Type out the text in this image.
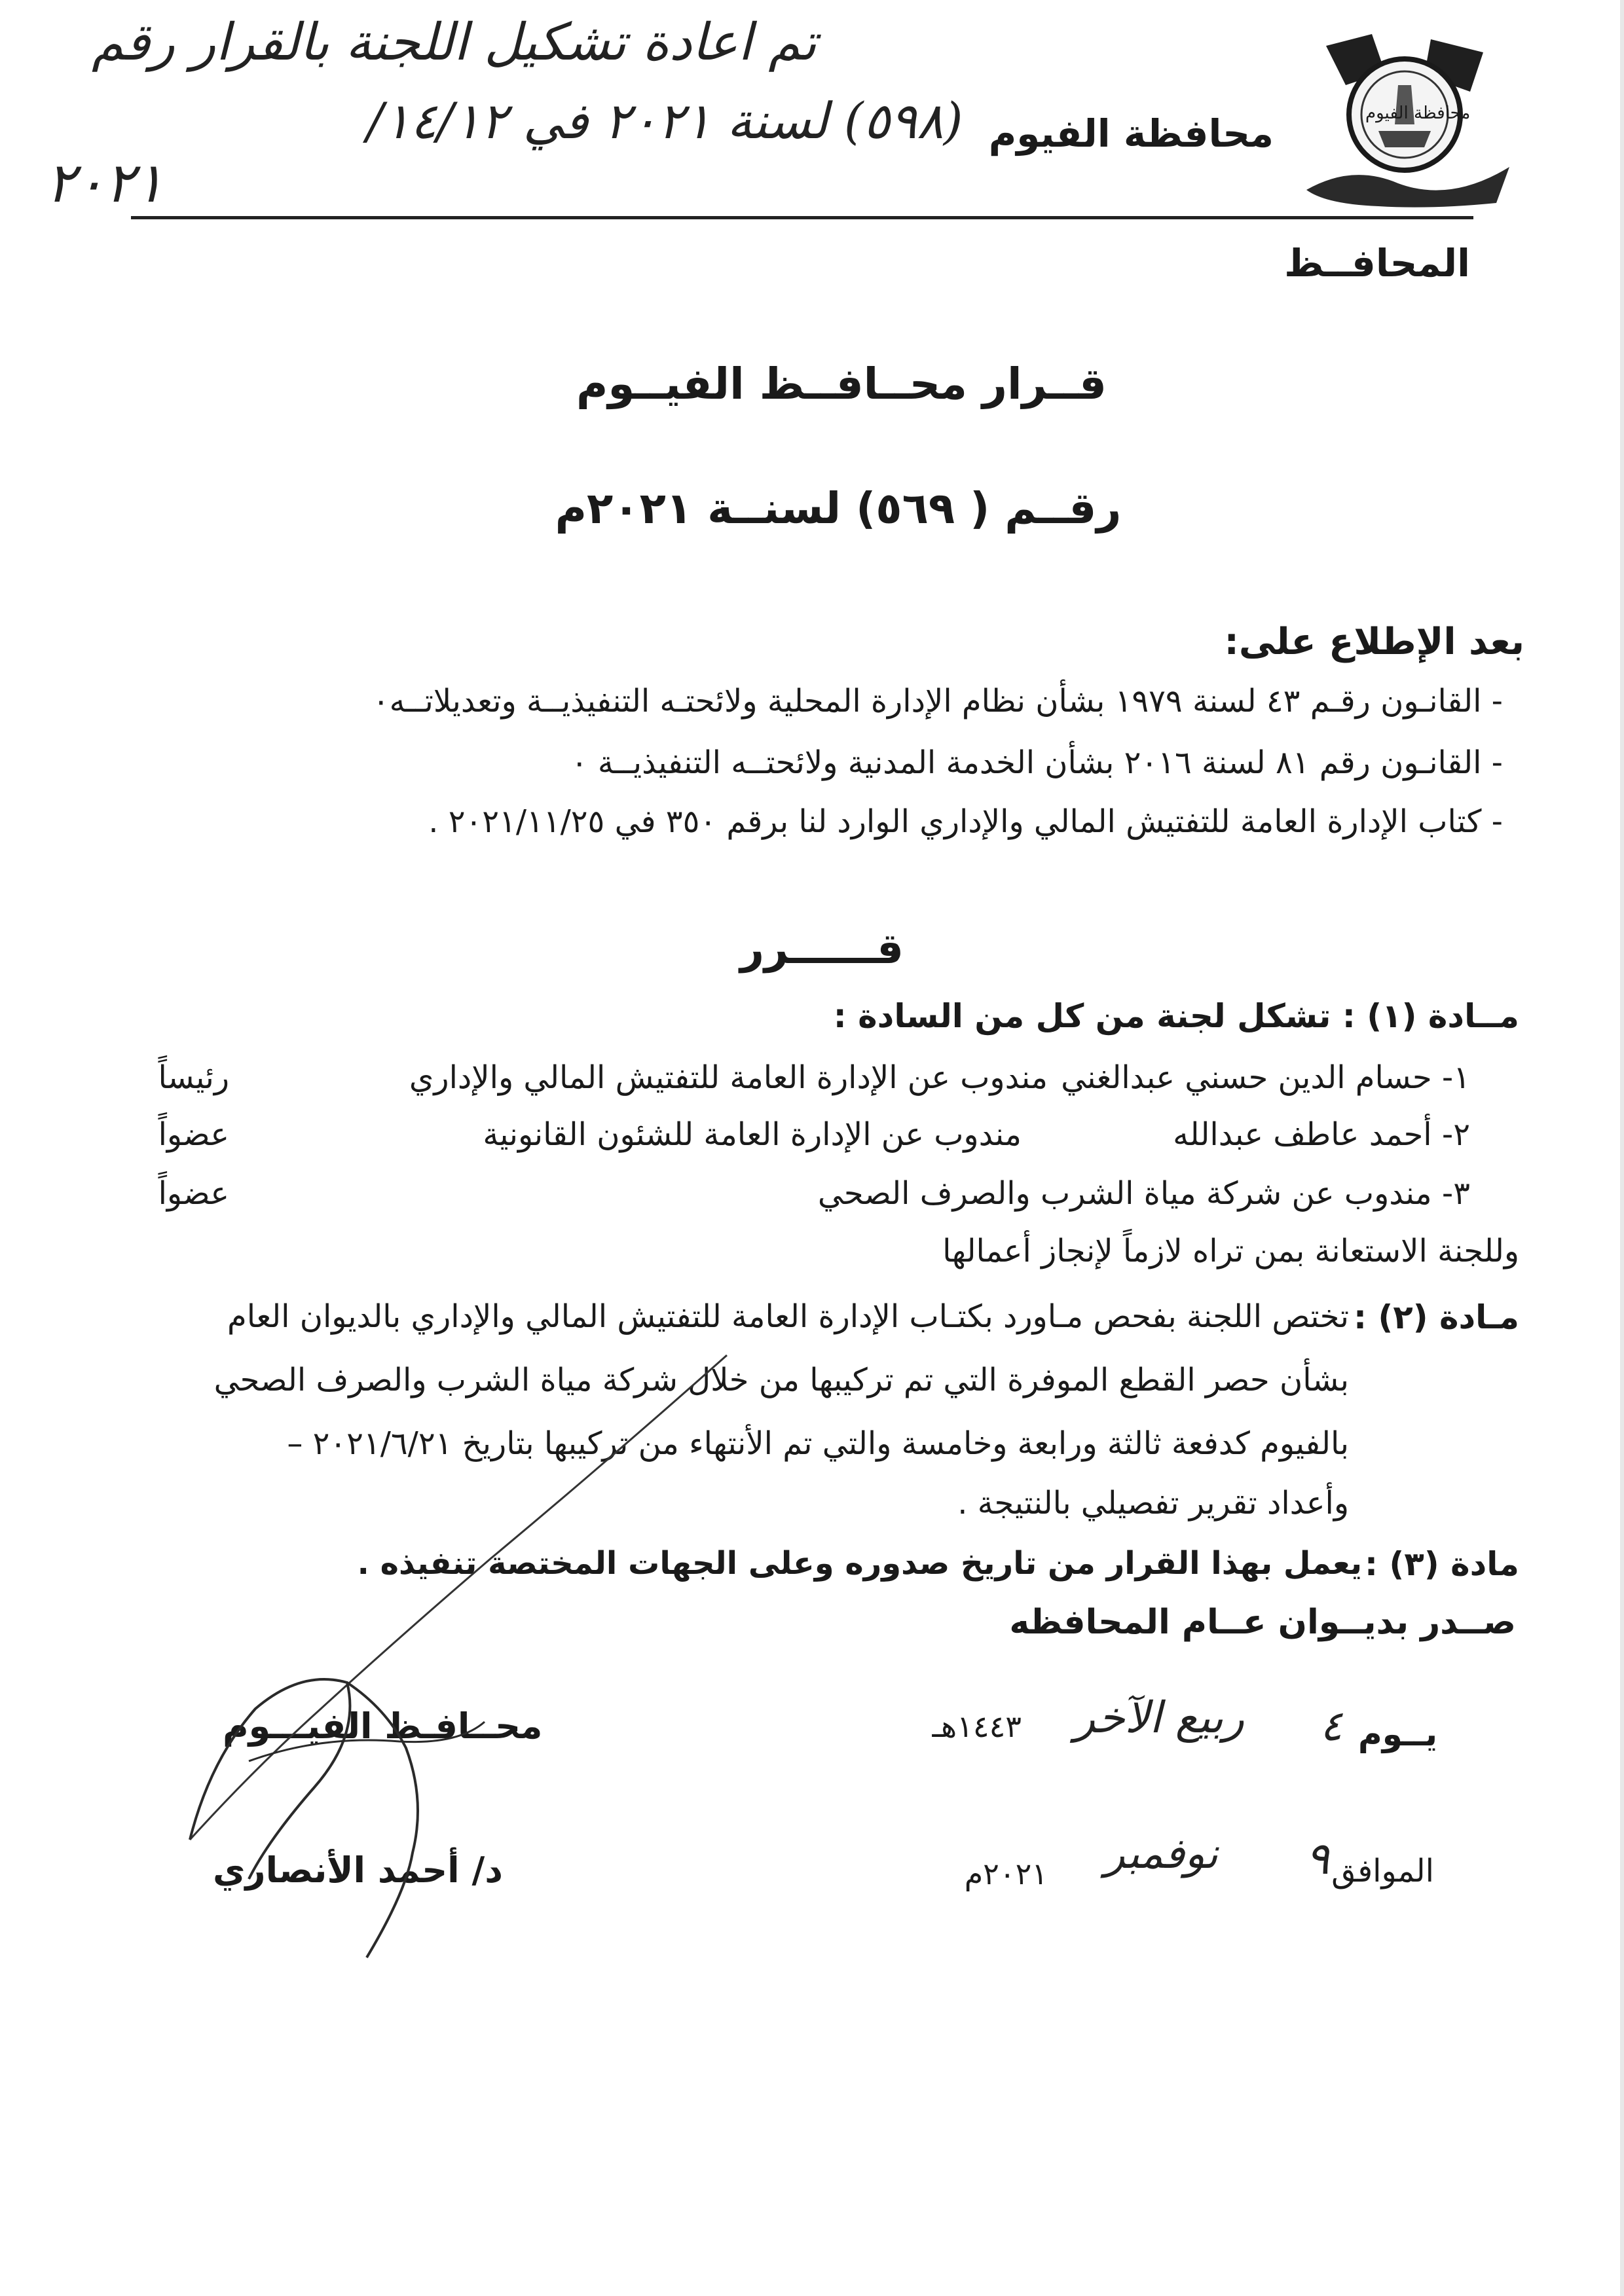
تم اعادة تشكيل اللجنة بالقرار رقم
(٥٩٨) لسنة ٢٠٢١ في ١٤/١٢/
٢٠٢١
محافظة الفيوم
محافظة الفيوم
المحافــظ
قــرار محــافــظ الفيــوم
رقــم ( ٥٦٩) لسنــة ٢٠٢١م
بعد الإطلاع على:
- القانـون رقـم ٤٣ لسنة ١٩٧٩ بشأن نظام الإدارة المحلية ولائحتـه التنفيذيــة وتعديلاتــه٠
- القانـون رقم ٨١ لسنة ٢٠١٦ بشأن الخدمة المدنية ولائحتــه التنفيذيــة ٠
- كتاب الإدارة العامة للتفتيش المالي والإداري الوارد لنا برقم ٣٥٠ في ٢٠٢١/١١/٢٥ .
قــــــرر
مــادة (١) : تشكل لجنة من كل من السادة :
١- حسام الدين حسني عبدالغني
مندوب عن الإدارة العامة للتفتيش المالي والإداري
رئيساً
٢- أحمد عاطف عبدالله
مندوب عن الإدارة العامة للشئون القانونية
عضواً
٣- مندوب عن شركة مياة الشرب والصرف الصحي
عضواً
وللجنة الاستعانة بمن تراه لازماً لإنجاز أعمالها
مـادة (٢) :
تختص اللجنة بفحص مـاورد بكتـاب الإدارة العامة للتفتيش المالي والإداري بالديوان العام
بشأن حصر القطع الموفرة التي تم تركيبها من خلال شركة مياة الشرب والصرف الصحي
بالفيوم كدفعة ثالثة ورابعة وخامسة والتي تم الأنتهاء من تركيبها بتاريخ ٢٠٢١/٦/٢١ –
وأعداد تقرير تفصيلي بالنتيجة .
مادة (٣) :
يعمل بهذا القرار من تاريخ صدوره وعلى الجهات المختصة تنفيذه .
صــدر بديــوان عــام المحافظه
يــوم
٤
ربيع الآخر
١٤٤٣هـ
الموافق
٩
نوفمبر
٢٠٢١م
محــافـظ الفيـــوم
د/ أحمد الأنصاري
